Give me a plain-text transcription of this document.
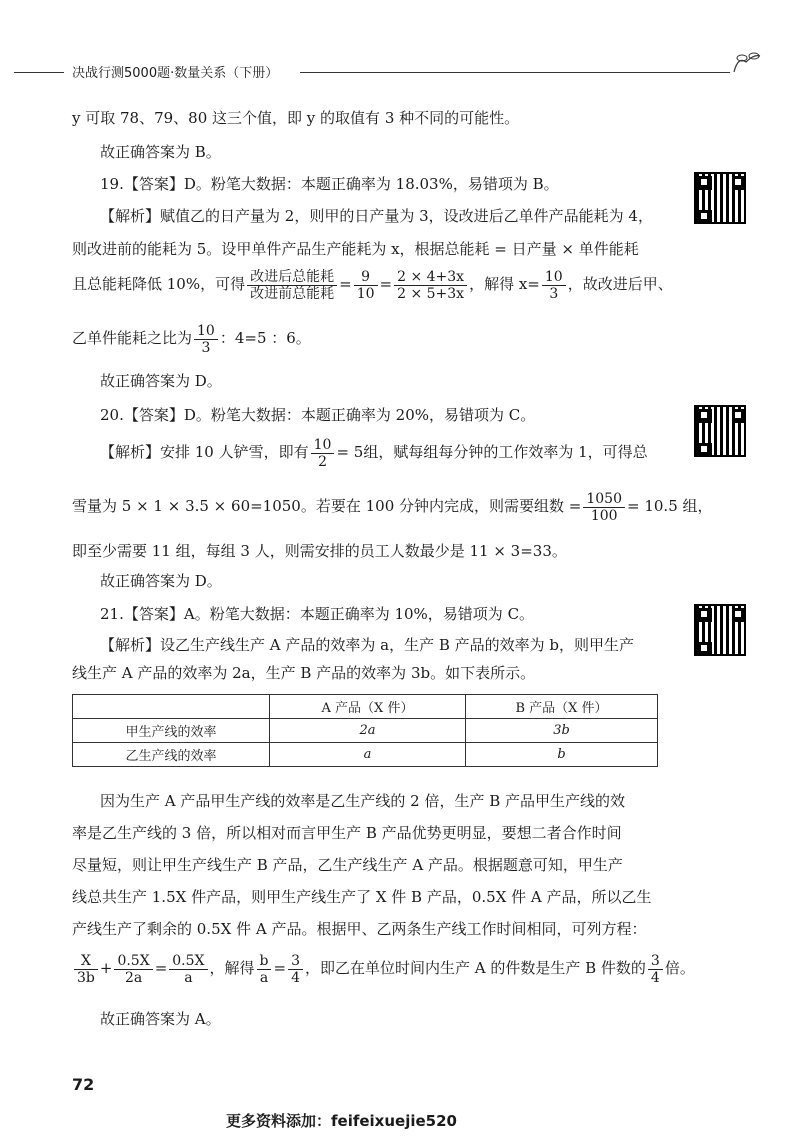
决战行测5000题·数量关系（下册）
y 可取 78、79、80 这三个值，即 y 的取值有 3 种不同的可能性。
故正确答案为 B。
19.【答案】D。粉笔大数据：本题正确率为 18.03%，易错项为 B。
【解析】赋值乙的日产量为 2，则甲的日产量为 3，设改进后乙单件产品能耗为 4，
则改进前的能耗为 5。设甲单件产品生产能耗为 x，根据总能耗 = 日产量 × 单件能耗
且总能耗降低 10%，可得 $\frac{\text{改进后总能耗}}{\text{改进前总能耗}} = \frac{9}{10} = \frac{2 \times 4+3x}{2 \times 5+3x}$ ，解得 $x= \frac{10}{3}$ ，故改进后甲、
乙单件能耗之比为 $\frac{10}{3}$ ：4=5 ：6。
故正确答案为 D。
20.【答案】D。粉笔大数据：本题正确率为 20%，易错项为 C。
【解析】安排 10 人铲雪，即有 $\frac{10}{2} = 5$组，赋每组每分钟的工作效率为 1，可得总
雪量为 5 × 1 × 3.5 × 60=1050。若要在 100 分钟内完成，则需要组数 = $\frac{1050}{100} = 10.5$ 组，
即至少需要 11 组，每组 3 人，则需安排的员工人数最少是 11 × 3=33。
故正确答案为 D。
21.【答案】A。粉笔大数据：本题正确率为 10%，易错项为 C。
【解析】设乙生产线生产 A 产品的效率为 a，生产 B 产品的效率为 b，则甲生产
线生产 A 产品的效率为 2a，生产 B 产品的效率为 3b。如下表所示。
	A 产品（X 件）	B 产品（X 件）
甲生产线的效率	2a	3b
乙生产线的效率	a	b
因为生产 A 产品甲生产线的效率是乙生产线的 2 倍，生产 B 产品甲生产线的效
率是乙生产线的 3 倍，所以相对而言甲生产 B 产品优势更明显，要想二者合作时间
尽量短，则让甲生产线生产 B 产品，乙生产线生产 A 产品。根据题意可知，甲生产
线总共生产 1.5X 件产品，则甲生产线生产了 X 件 B 产品，0.5X 件 A 产品，所以乙生
产线生产了剩余的 0.5X 件 A 产品。根据甲、乙两条生产线工作时间相同，可列方程：
$\frac{X}{3b} + \frac{0.5X}{2a} = \frac{0.5X}{a}$ ，解得 $\frac{b}{a} = \frac{3}{4}$ ，即乙在单位时间内生产 A 的件数是生产 B 件数的 $\frac{3}{4}$ 倍。
故正确答案为 A。
72
更多资料添加：feifeixuejie520
